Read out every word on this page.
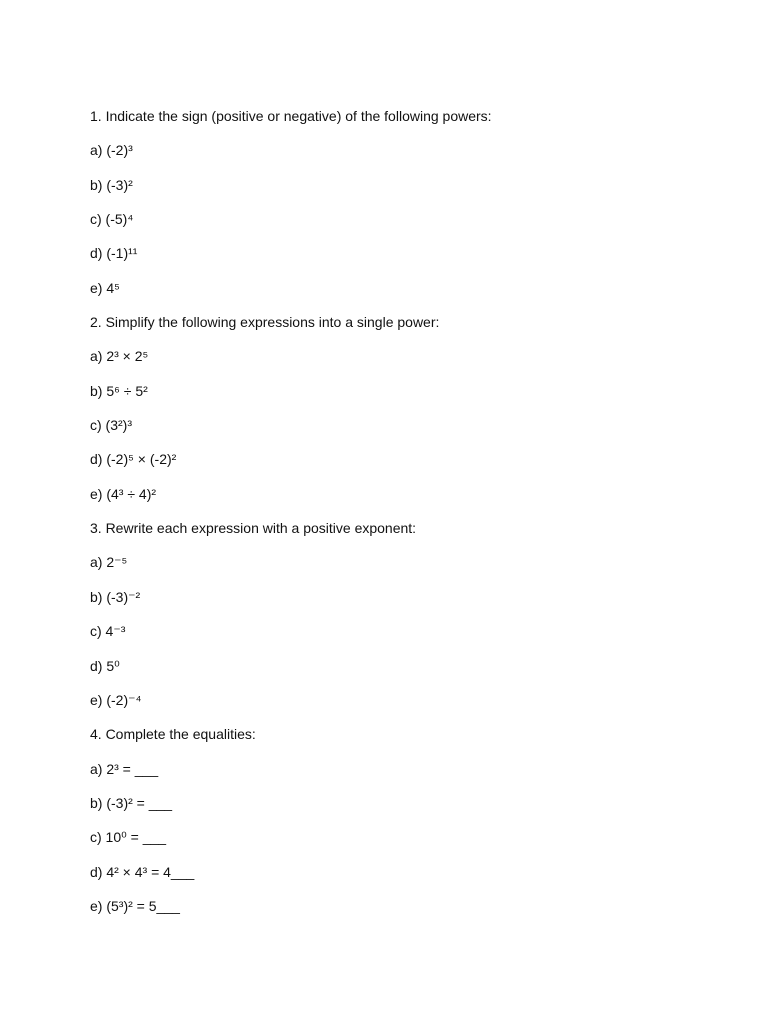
1. Indicate the sign (positive or negative) of the following powers:
a) (-2)³
b) (-3)²
c) (-5)⁴
d) (-1)¹¹
e) 4⁵
2. Simplify the following expressions into a single power:
a) 2³ × 2⁵
b) 5⁶ ÷ 5²
c) (3²)³
d) (-2)⁵ × (-2)²
e) (4³ ÷ 4)²
3. Rewrite each expression with a positive exponent:
a) 2⁻⁵
b) (-3)⁻²
c) 4⁻³
d) 5⁰
e) (-2)⁻⁴
4. Complete the equalities:
a) 2³ = ___
b) (-3)² = ___
c) 10⁰ = ___
d) 4² × 4³ = 4___
e) (5³)² = 5___
